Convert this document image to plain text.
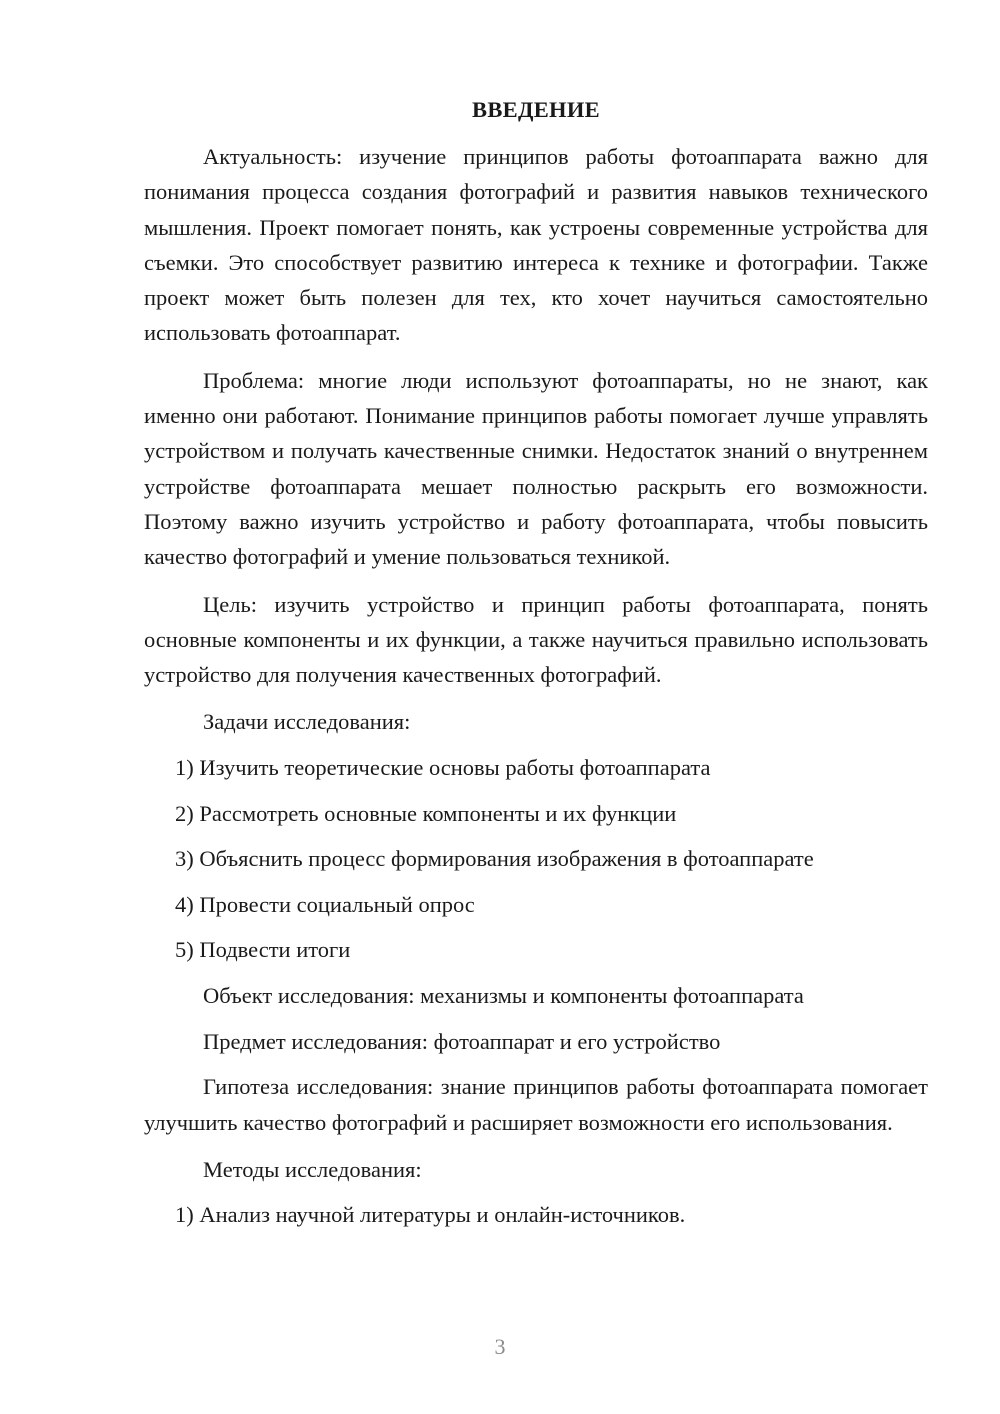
ВВЕДЕНИЕ

Актуальность: изучение принципов работы фотоаппарата важно для понимания процесса создания фотографий и развития навыков технического мышления. Проект помогает понять, как устроены современные устройства для съемки. Это способствует развитию интереса к технике и фотографии. Также проект может быть полезен для тех, кто хочет научиться самостоятельно использовать фотоаппарат.

Проблема: многие люди используют фотоаппараты, но не знают, как именно они работают. Понимание принципов работы помогает лучше управлять устройством и получать качественные снимки. Недостаток знаний о внутреннем устройстве фотоаппарата мешает полностью раскрыть его возможности. Поэтому важно изучить устройство и работу фотоаппарата, чтобы повысить качество фотографий и умение пользоваться техникой.

Цель: изучить устройство и принцип работы фотоаппарата, понять основные компоненты и их функции, а также научиться правильно использовать устройство для получения качественных фотографий.

Задачи исследования:

1) Изучить теоретические основы работы фотоаппарата

2) Рассмотреть основные компоненты и их функции

3) Объяснить процесс формирования изображения в фотоаппарате

4) Провести социальный опрос

5) Подвести итоги

Объект исследования: механизмы и компоненты фотоаппарата

Предмет исследования: фотоаппарат и его устройство

Гипотеза исследования: знание принципов работы фотоаппарата помогает улучшить качество фотографий и расширяет возможности его использования.

Методы исследования:

1) Анализ научной литературы и онлайн-источников.

3
